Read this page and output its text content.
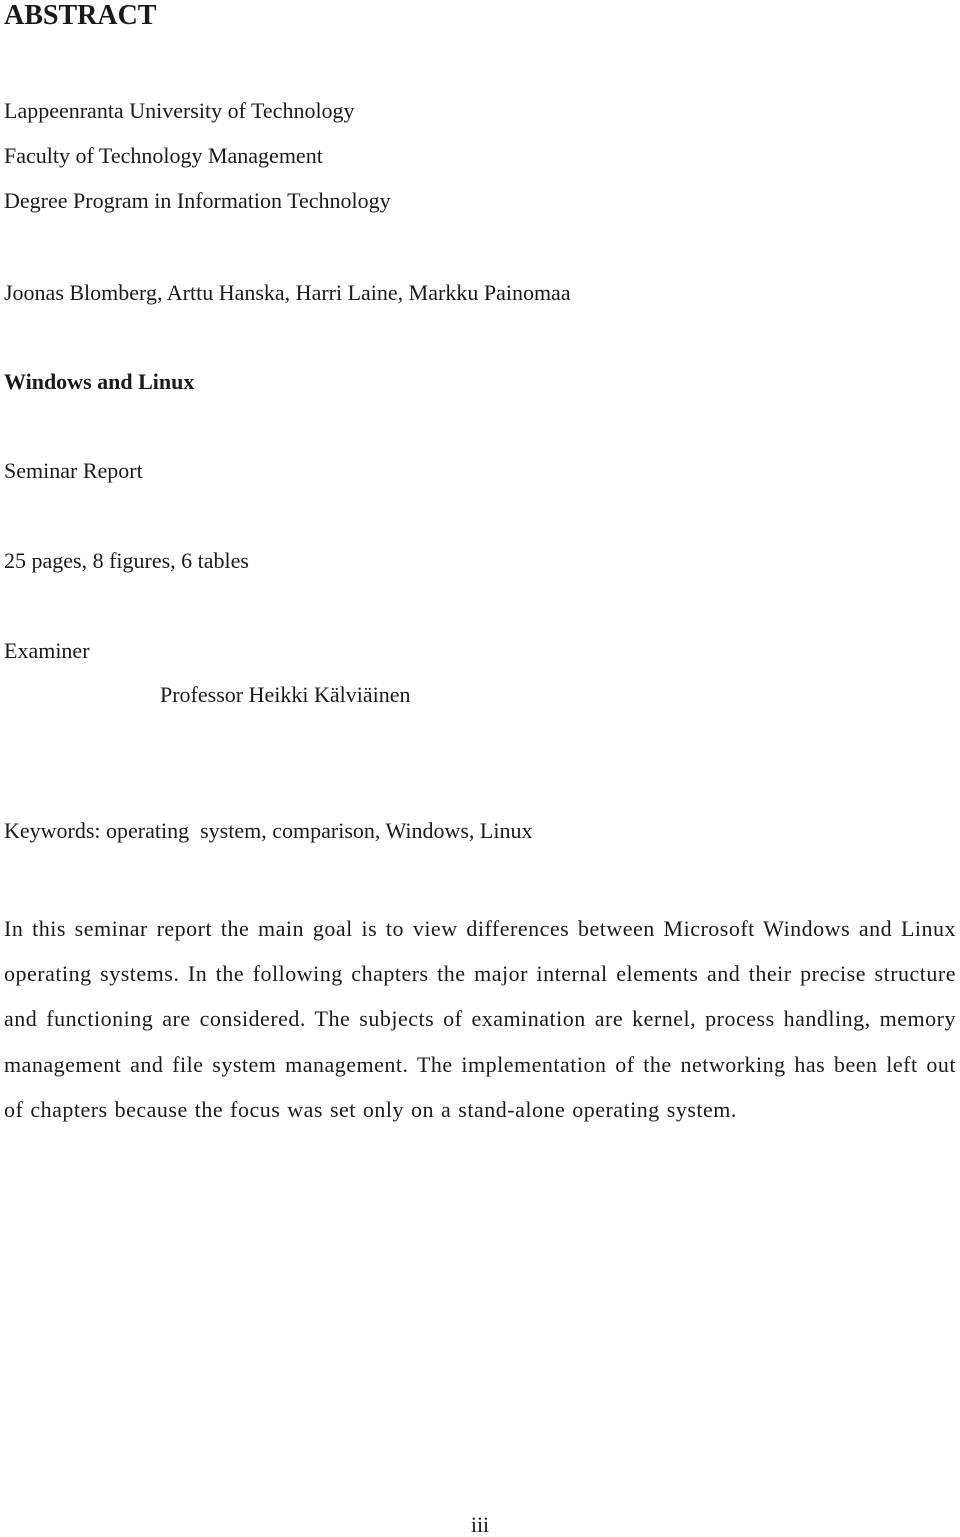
ABSTRACT
Lappeenranta University of Technology
Faculty of Technology Management
Degree Program in Information Technology
Joonas Blomberg, Arttu Hanska, Harri Laine, Markku Painomaa
Windows and Linux
Seminar Report
25 pages, 8 figures, 6 tables
Examiner
Professor Heikki Kälviäinen
Keywords: operating  system, comparison, Windows, Linux

In this seminar report the main goal is to view differences between Microsoft Windows and Linux operating systems. In the following chapters the major internal elements and their precise structure and functioning are considered. The subjects of examination are kernel, process handling, memory management and file system management. The implementation of the networking has been left out of chapters because the focus was set only on a stand-alone operating system.

iii
